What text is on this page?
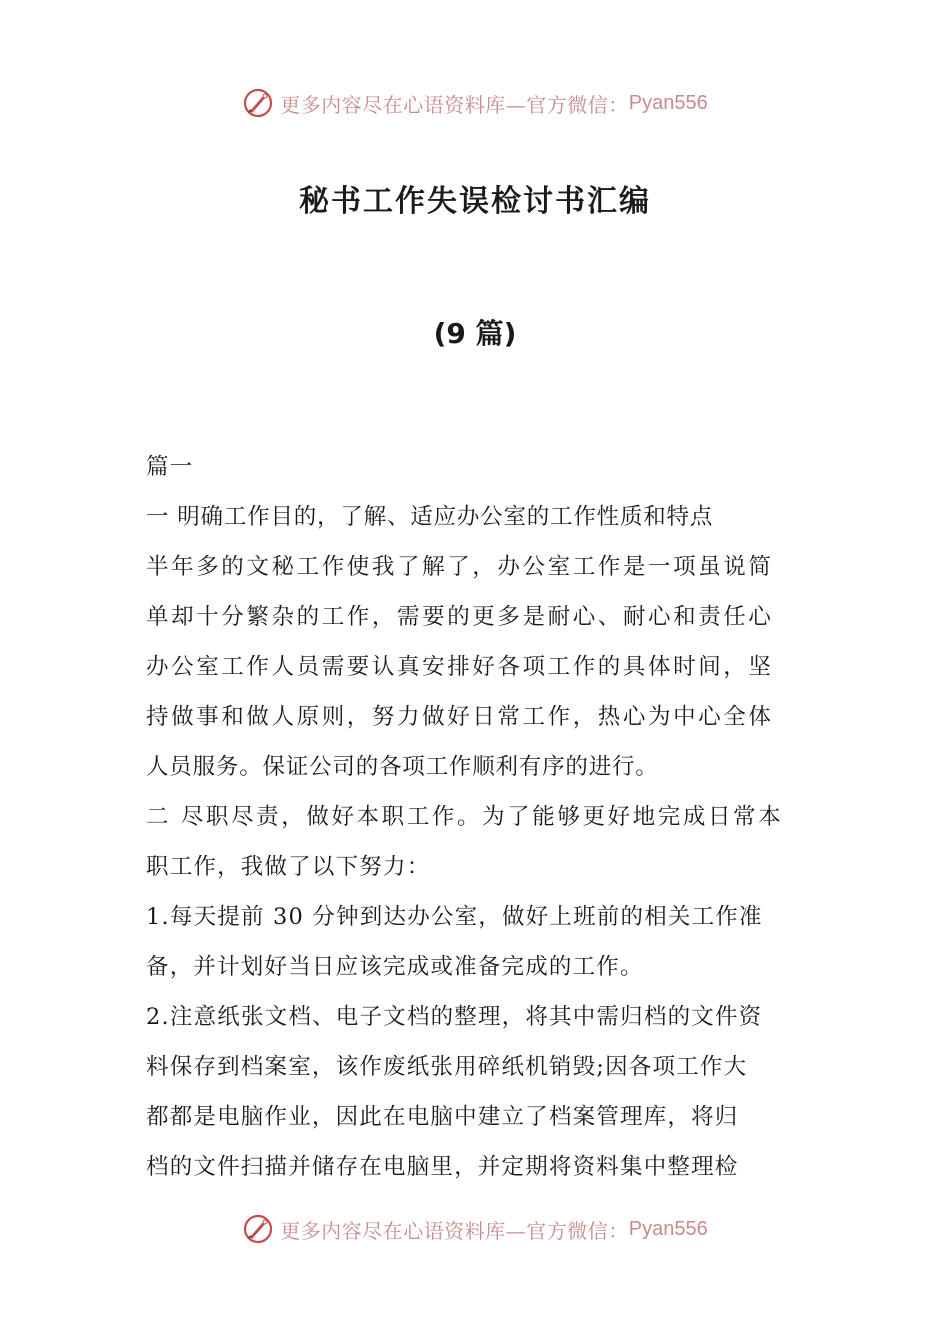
更多内容尽在心语资料库—官方微信： Pyan556
秘书工作失误检讨书汇编
(9 篇)
篇一
一 明确工作目的，了解、适应办公室的工作性质和特点
半年多的文秘工作使我了解了，办公室工作是一项虽说简
单却十分繁杂的工作，需要的更多是耐心、耐心和责任心
办公室工作人员需要认真安排好各项工作的具体时间，坚
持做事和做人原则，努力做好日常工作，热心为中心全体
人员服务。保证公司的各项工作顺利有序的进行。
二 尽职尽责，做好本职工作。为了能够更好地完成日常本
职工作，我做了以下努力：
1.每天提前 30 分钟到达办公室，做好上班前的相关工作准
备，并计划好当日应该完成或准备完成的工作。
2.注意纸张文档、电子文档的整理，将其中需归档的文件资
料保存到档案室，该作废纸张用碎纸机销毁;因各项工作大
都都是电脑作业，因此在电脑中建立了档案管理库，将归
档的文件扫描并储存在电脑里，并定期将资料集中整理检
更多内容尽在心语资料库—官方微信： Pyan556
